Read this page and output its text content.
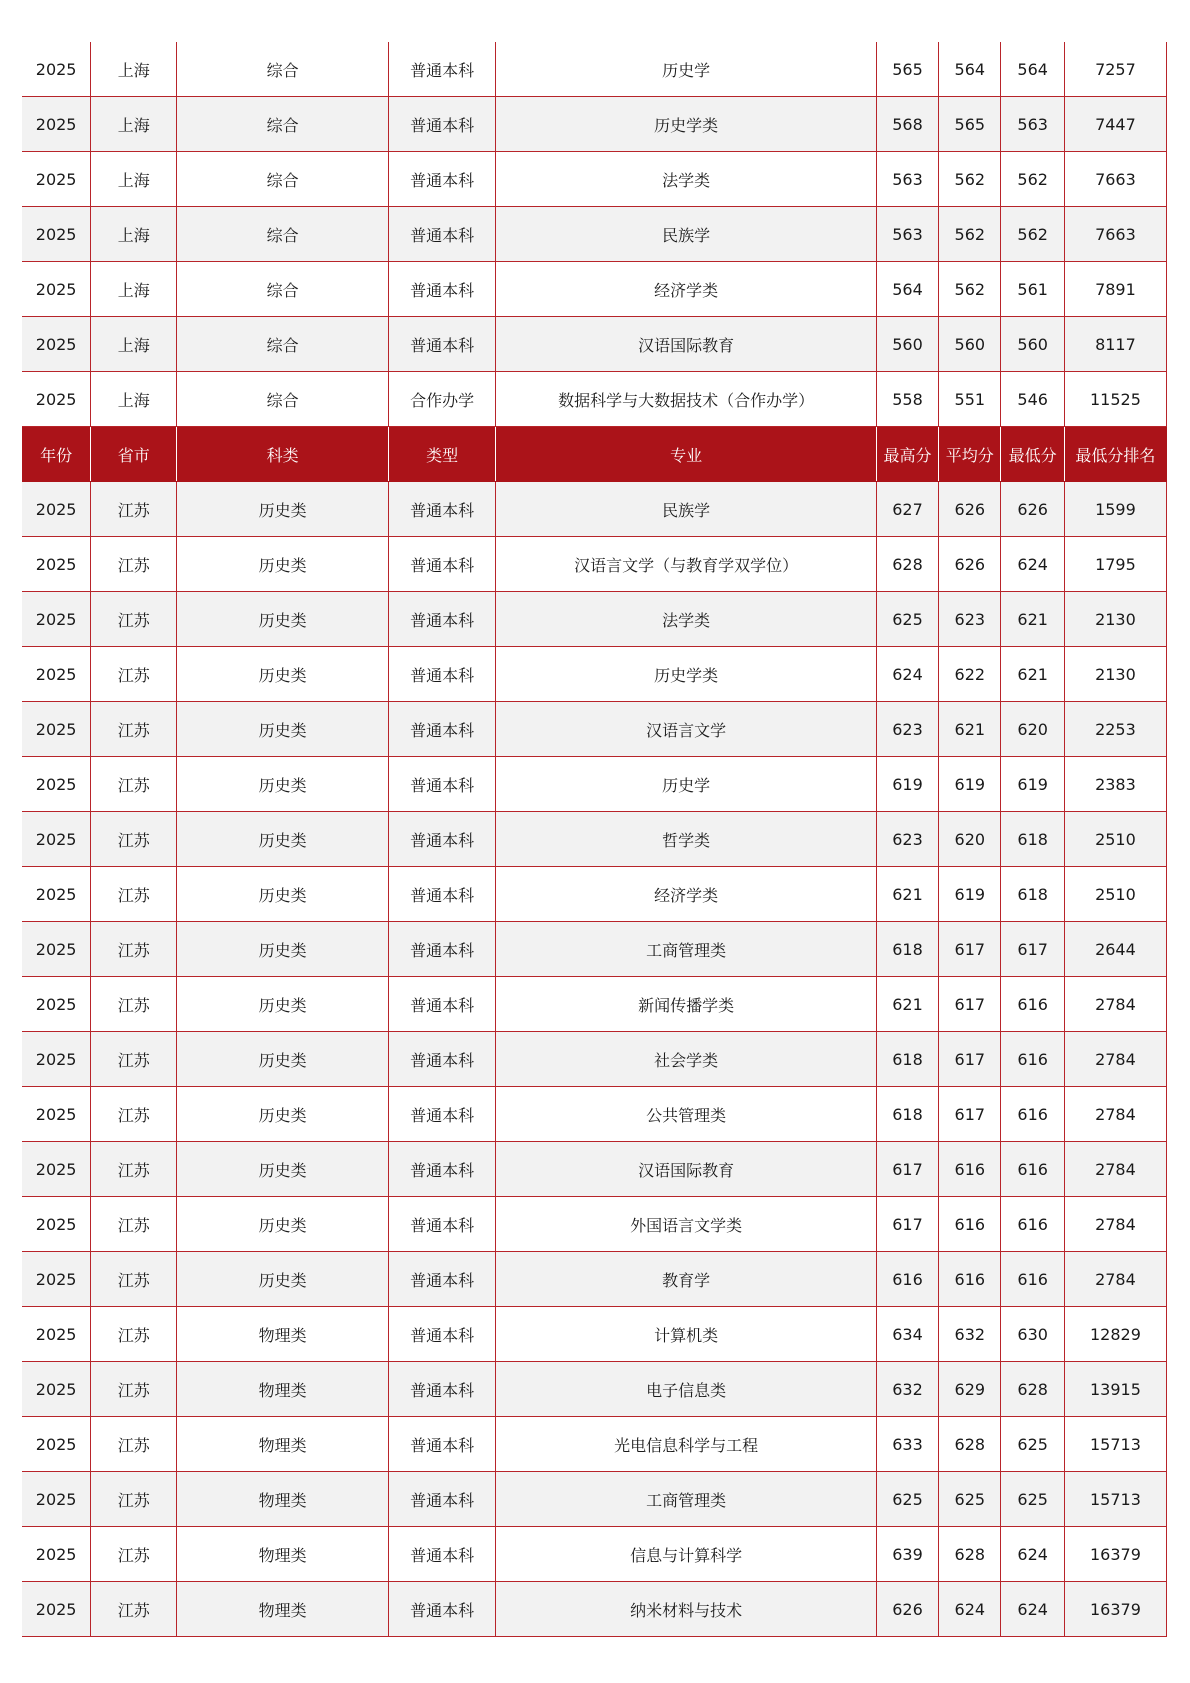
2025	上海	综合	普通本科	历史学	565	564	564	7257
2025	上海	综合	普通本科	历史学类	568	565	563	7447
2025	上海	综合	普通本科	法学类	563	562	562	7663
2025	上海	综合	普通本科	民族学	563	562	562	7663
2025	上海	综合	普通本科	经济学类	564	562	561	7891
2025	上海	综合	普通本科	汉语国际教育	560	560	560	8117
2025	上海	综合	合作办学	数据科学与大数据技术（合作办学）	558	551	546	11525
年份	省市	科类	类型	专业	最高分	平均分	最低分	最低分排名
2025	江苏	历史类	普通本科	民族学	627	626	626	1599
2025	江苏	历史类	普通本科	汉语言文学（与教育学双学位）	628	626	624	1795
2025	江苏	历史类	普通本科	法学类	625	623	621	2130
2025	江苏	历史类	普通本科	历史学类	624	622	621	2130
2025	江苏	历史类	普通本科	汉语言文学	623	621	620	2253
2025	江苏	历史类	普通本科	历史学	619	619	619	2383
2025	江苏	历史类	普通本科	哲学类	623	620	618	2510
2025	江苏	历史类	普通本科	经济学类	621	619	618	2510
2025	江苏	历史类	普通本科	工商管理类	618	617	617	2644
2025	江苏	历史类	普通本科	新闻传播学类	621	617	616	2784
2025	江苏	历史类	普通本科	社会学类	618	617	616	2784
2025	江苏	历史类	普通本科	公共管理类	618	617	616	2784
2025	江苏	历史类	普通本科	汉语国际教育	617	616	616	2784
2025	江苏	历史类	普通本科	外国语言文学类	617	616	616	2784
2025	江苏	历史类	普通本科	教育学	616	616	616	2784
2025	江苏	物理类	普通本科	计算机类	634	632	630	12829
2025	江苏	物理类	普通本科	电子信息类	632	629	628	13915
2025	江苏	物理类	普通本科	光电信息科学与工程	633	628	625	15713
2025	江苏	物理类	普通本科	工商管理类	625	625	625	15713
2025	江苏	物理类	普通本科	信息与计算科学	639	628	624	16379
2025	江苏	物理类	普通本科	纳米材料与技术	626	624	624	16379
